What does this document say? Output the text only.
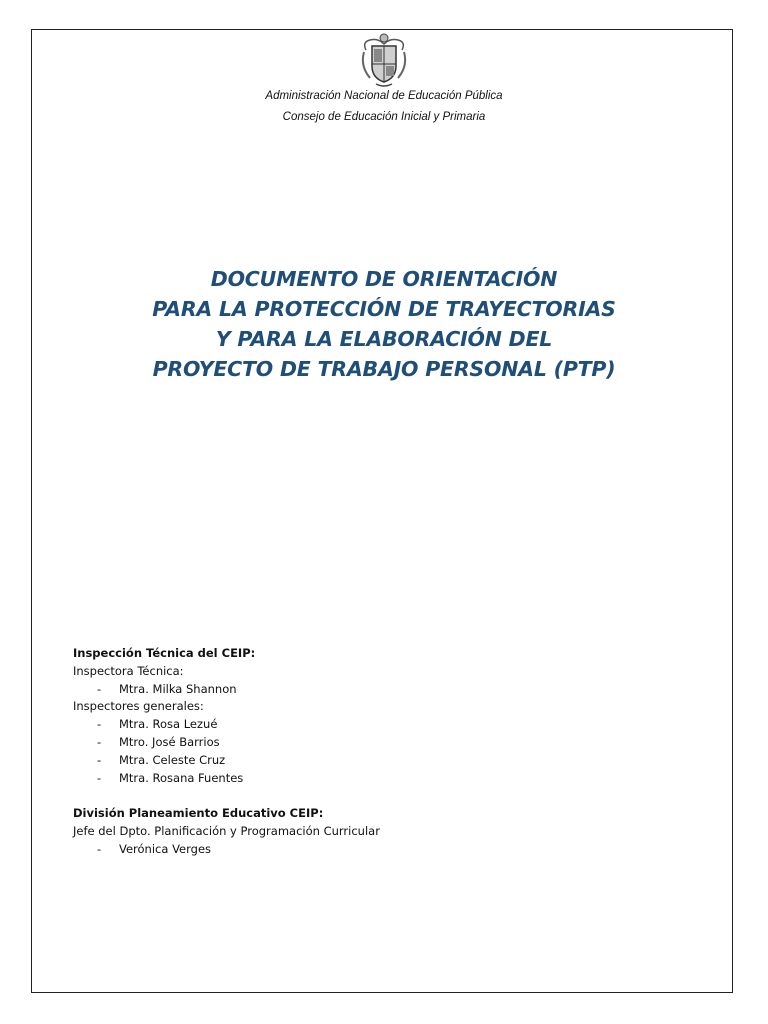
Administración Nacional de Educación Pública
Consejo de Educación Inicial y Primaria
DOCUMENTO DE ORIENTACIÓN
PARA LA PROTECCIÓN DE TRAYECTORIAS
Y PARA LA ELABORACIÓN DEL
PROYECTO DE TRABAJO PERSONAL (PTP)
Inspección Técnica del CEIP:
Inspectora Técnica:
- Mtra. Milka Shannon
Inspectores generales:
- Mtra. Rosa Lezué
- Mtro. José Barrios
- Mtra. Celeste Cruz
- Mtra. Rosana Fuentes
División Planeamiento Educativo CEIP:
Jefe del Dpto. Planificación y Programación Curricular
- Verónica Verges
